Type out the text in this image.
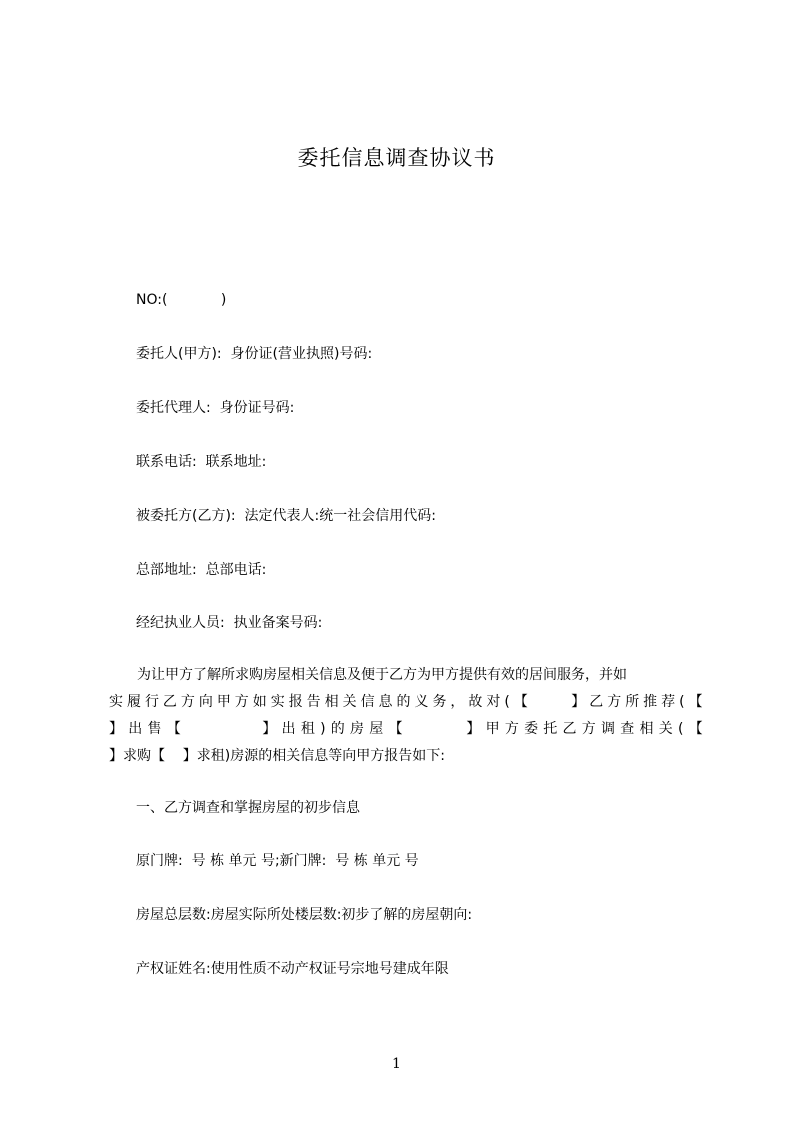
委托信息调查协议书
NO:(            )
委托人(甲方):  身份证(营业执照)号码:
委托代理人:  身份证号码:
联系电话:  联系地址:
被委托方(乙方):  法定代表人:统一社会信用代码:
总部地址:  总部电话:
经纪执业人员:  执业备案号码:
为让甲方了解所求购房屋相关信息及便于乙方为甲方提供有效的居间服务，并如
实 履 行 乙 方 向 甲 方 如 实 报 告 相 关 信 息 的 义 务 ， 故 对 ( 【
	】 乙 方 所 推 荐 ( 【
】 出 售 【
	】 出 租 ) 的 房 屋 【
	】 甲 方 委 托 乙 方 调 查 相 关 ( 【
】求购【    】求租)房源的相关信息等向甲方报告如下:
一、乙方调查和掌握房屋的初步信息
原门牌:  号 栋 单元 号;新门牌:  号 栋 单元 号
房屋总层数:房屋实际所处楼层数:初步了解的房屋朝向:
产权证姓名:使用性质不动产权证号宗地号建成年限
1
